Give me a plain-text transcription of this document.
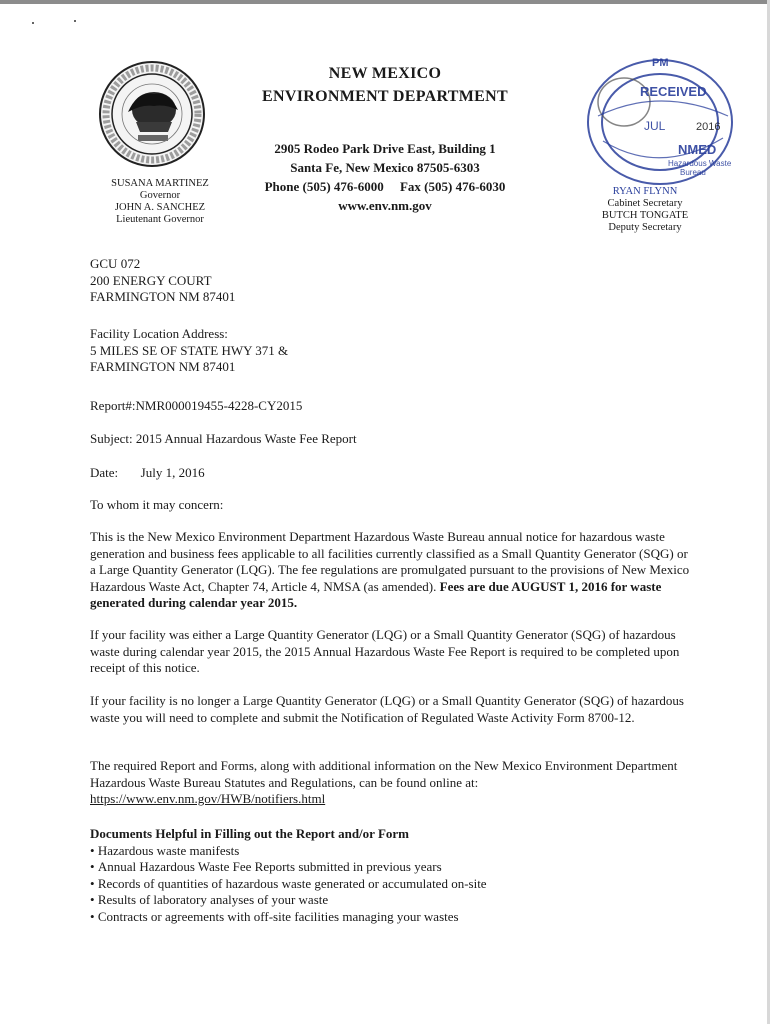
SUSANA MARTINEZ
Governor
JOHN A. SANCHEZ
Lieutenant Governor
NEW MEXICO
ENVIRONMENT DEPARTMENT
2905 Rodeo Park Drive East, Building 1
Santa Fe, New Mexico 87505-6303
Phone (505) 476-6000     Fax (505) 476-6030
www.env.nm.gov
PM
RECEIVED
JUL	2016
NMED
Hazardous Waste
Bureau
RYAN FLYNN
Cabinet Secretary
BUTCH TONGATE
Deputy Secretary
GCU 072
200 ENERGY COURT
FARMINGTON NM 87401
Facility Location Address:
5 MILES SE OF STATE HWY 371 &
FARMINGTON NM 87401
Report#:NMR000019455-4228-CY2015
Subject: 2015 Annual Hazardous Waste Fee Report
Date: July 1, 2016
To whom it may concern:

This is the New Mexico Environment Department Hazardous Waste Bureau annual notice for hazardous waste generation and business fees applicable to all facilities currently classified as a Small Quantity Generator (SQG) or a Large Quantity Generator (LQG). The fee regulations are promulgated pursuant to the provisions of New Mexico Hazardous Waste Act, Chapter 74, Article 4, NMSA (as amended). Fees are due AUGUST 1, 2016 for waste generated during calendar year 2015.

If your facility was either a Large Quantity Generator (LQG) or a Small Quantity Generator (SQG) of hazardous waste during calendar year 2015, the 2015 Annual Hazardous Waste Fee Report is required to be completed upon receipt of this notice.
If your facility is no longer a Large Quantity Generator (LQG) or a Small Quantity Generator (SQG) of hazardous waste you will need to complete and submit the Notification of Regulated Waste Activity Form 8700-12.

The required Report and Forms, along with additional information on the New Mexico Environment Department Hazardous Waste Bureau Statutes and Regulations, can be found online at:

https://www.env.nm.gov/HWB/notifiers.html
Documents Helpful in Filling out the Report and/or Form
• Hazardous waste manifests
• Annual Hazardous Waste Fee Reports submitted in previous years
• Records of quantities of hazardous waste generated or accumulated on-site
• Results of laboratory analyses of your waste
• Contracts or agreements with off-site facilities managing your wastes
